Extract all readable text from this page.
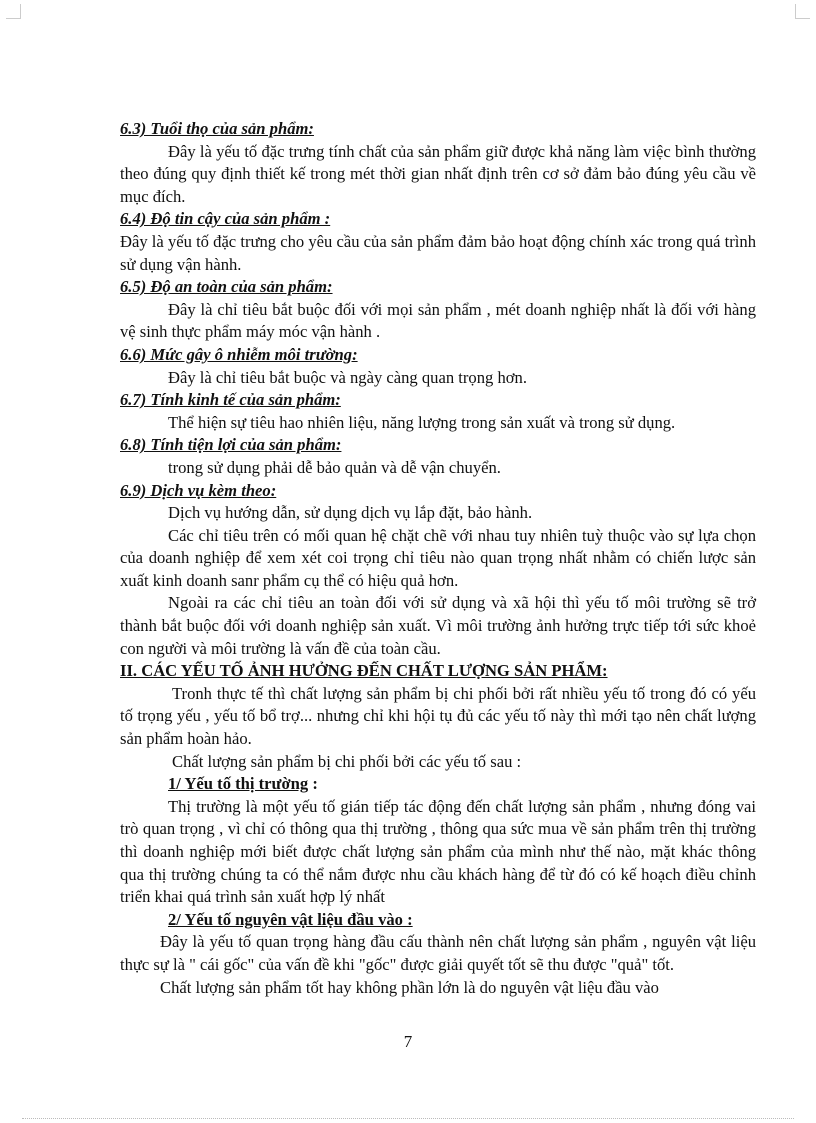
6.3) Tuổi thọ của sản phẩm:

Đây là yếu tố đặc trưng tính chất của sản phẩm giữ được khả năng làm việc bình thường theo đúng quy định thiết kế trong mét thời gian nhất định trên cơ sở đảm bảo đúng yêu cầu về mục đích.

6.4) Độ tin cậy của sản phẩm :

Đây là yếu tố đặc trưng cho yêu cầu của sản phẩm đảm bảo hoạt động chính xác trong quá trình sử dụng vận hành.

6.5) Độ an toàn của sản phẩm:

Đây là chỉ tiêu bắt buộc đối với mọi sản phẩm , mét doanh nghiệp nhất là đối với hàng vệ sinh thực phẩm máy móc vận hành .

6.6) Mức gây ô nhiễm môi trường:

Đây là chỉ tiêu bắt buộc và ngày càng quan trọng hơn.

6.7) Tính kinh tế của sản phẩm:

Thể hiện sự tiêu hao nhiên liệu, năng lượng trong sản xuất và trong sử dụng.

6.8) Tính tiện lợi của sản phẩm:

trong sử dụng phải dễ bảo quản và dễ vận chuyển.

6.9) Dịch vụ kèm theo:

Dịch vụ hướng dẫn, sử dụng dịch vụ lắp đặt, bảo hành.

Các chỉ tiêu trên có mối quan hệ chặt chẽ với nhau tuy nhiên tuỳ thuộc vào sự lựa chọn của doanh nghiệp để xem xét coi trọng chỉ tiêu nào quan trọng nhất nhằm có chiến lược sản xuất kinh doanh sanr phẩm cụ thể có hiệu quả hơn.

Ngoài ra các chỉ tiêu an toàn đối với sử dụng và xã hội thì yếu tố môi trường sẽ trở thành bắt buộc đối với doanh nghiệp sản xuất. Vì môi trường ảnh hưởng trực tiếp tới sức khoẻ con người và môi trường là vấn đề của toàn cầu.

II. CÁC YẾU TỐ ẢNH HƯỞNG ĐẾN CHẤT LƯỢNG SẢN PHẨM:

Tronh thực tế thì chất lượng sản phẩm bị chi phối bởi rất nhiều yếu tố trong đó có yếu tố trọng yếu , yếu tố bổ trợ... nhưng chỉ khi hội tụ đủ các yếu tố này thì mới tạo nên chất lượng sản phẩm hoàn hảo.

Chất lượng sản phẩm bị chi phối bởi các yếu tố sau :

1/ Yếu tố thị trường :

Thị trường là một yếu tố gián tiếp tác động đến chất lượng sản phẩm , nhưng đóng vai trò quan trọng , vì chỉ có thông qua thị trường , thông qua sức mua về sản phẩm trên thị trường thì doanh nghiệp mới biết được chất lượng sản phẩm của mình như thế nào, mặt khác thông qua thị trường chúng ta có thể nắm được nhu cầu khách hàng để từ đó có kế hoạch điều chỉnh triển khai quá trình sản xuất hợp lý nhất

2/ Yếu tố nguyên vật liệu đầu vào :

Đây là yếu tố quan trọng hàng đầu cấu thành nên chất lượng sản phẩm , nguyên vật liệu thực sự là " cái gốc" của vấn đề khi "gốc" được giải quyết tốt sẽ thu được "quả" tốt.

Chất lượng sản phẩm tốt hay không phần lớn là do nguyên vật liệu đầu vào

7
